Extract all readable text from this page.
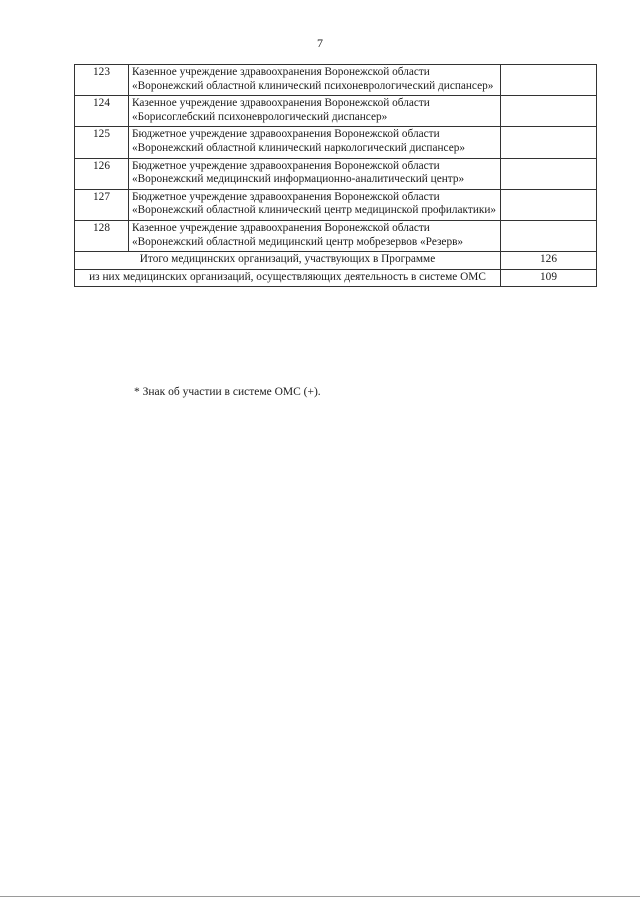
7
123	Казенное учреждение здравоохранения Воронежской области «Воронежский областной клинический психоневрологический диспансер»	
124	Казенное учреждение здравоохранения Воронежской области «Борисоглебский психоневрологический диспансер»	
125	Бюджетное учреждение здравоохранения Воронежской области «Воронежский областной клинический наркологический диспансер»	
126	Бюджетное учреждение здравоохранения Воронежской области «Воронежский медицинский информационно-аналитический центр»	
127	Бюджетное учреждение здравоохранения Воронежской области «Воронежский областной клинический центр медицинской профилактики»	
128	Казенное учреждение здравоохранения Воронежской области «Воронежский областной медицинский центр мобрезервов «Резерв»	
Итого медицинских организаций, участвующих в Программе		126
из них медицинских организаций, осуществляющих деятельность в системе ОМС		109
* Знак об участии в системе ОМС (+).
